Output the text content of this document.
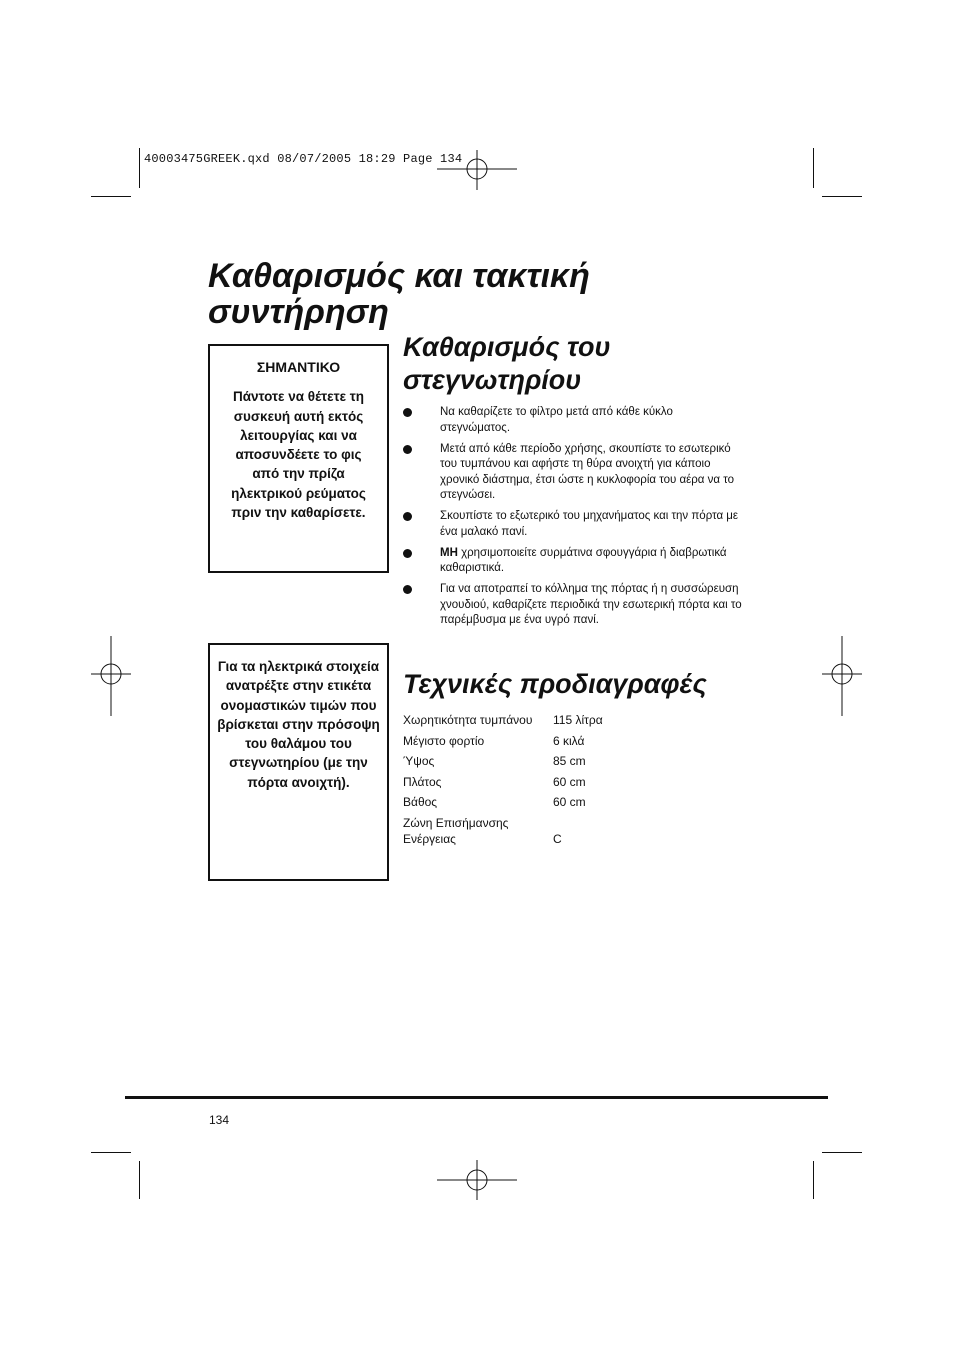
40003475GREEK.qxd 08/07/2005 18:29 Page 134
Καθαρισμός και τακτική συντήρηση
ΣΗΜΑΝΤΙΚΟ
Πάντοτε να θέτετε τη συσκευή αυτή εκτός λειτουργίας και να αποσυνδέετε το φις από την πρίζα ηλεκτρικού ρεύματος πριν την καθαρίσετε.
Για τα ηλεκτρικά στοιχεία ανατρέξτε στην ετικέτα ονομαστικών τιμών που βρίσκεται στην πρόσοψη του θαλάμου του στεγνωτηρίου (με την πόρτα ανοιχτή).
Καθαρισμός του στεγνωτηρίου
Να καθαρίζετε το φίλτρο μετά από κάθε κύκλο στεγνώματος.
Μετά από κάθε περίοδο χρήσης, σκουπίστε το εσωτερικό του τυμπάνου και αφήστε τη θύρα ανοιχτή για κάποιο χρονικό διάστημα, έτσι ώστε η κυκλοφορία του αέρα να το στεγνώσει.
Σκουπίστε το εξωτερικό του μηχανήματος και την πόρτα με ένα μαλακό πανί.
ΜΗ χρησιμοποιείτε συρμάτινα σφουγγάρια ή διαβρωτικά καθαριστικά.
Για να αποτραπεί το κόλλημα της πόρτας ή η συσσώρευση χνουδιού, καθαρίζετε περιοδικά την εσωτερική πόρτα και το παρέμβυσμα με ένα υγρό πανί.
Τεχνικές προδιαγραφές
Χωρητικότητα τυμπάνου	115 λίτρα
Μέγιστο φορτίο	6 κιλά
Ύψος	85 cm
Πλάτος	60 cm
Βάθος	60 cm
Ζώνη Επισήμανσης Ενέργειας	C
134
